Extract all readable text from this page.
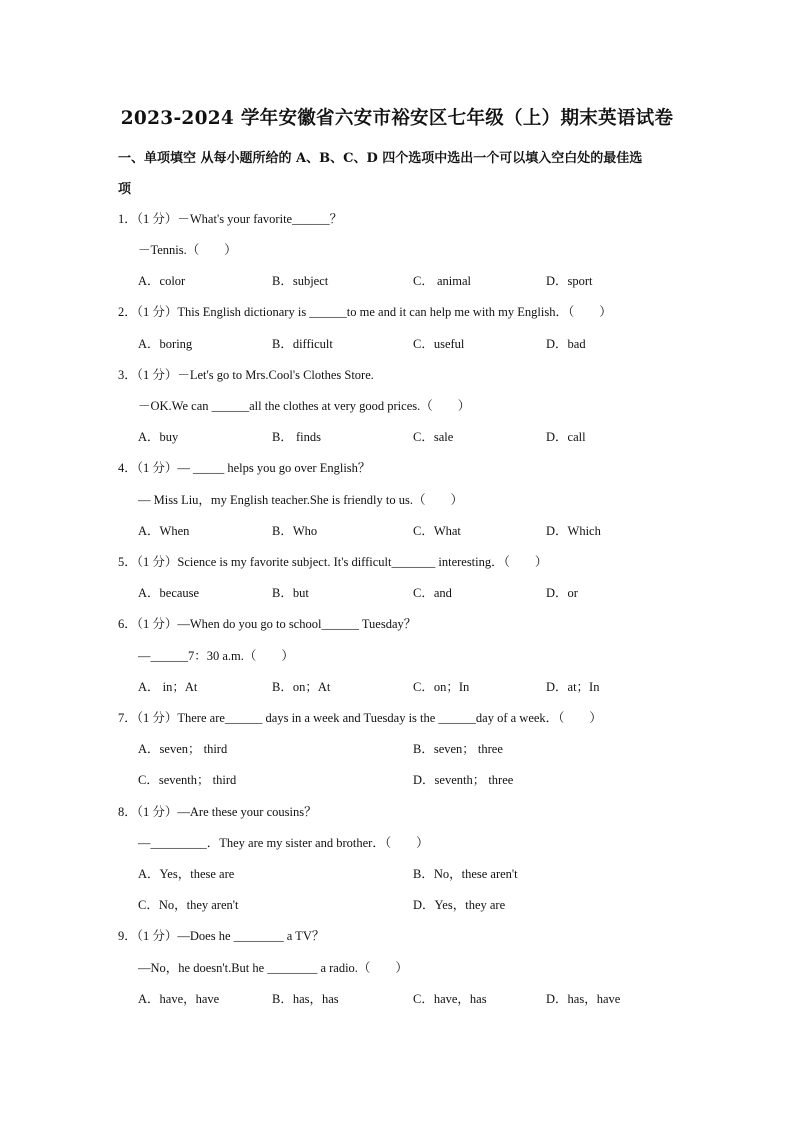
2023-2024 学年安徽省六安市裕安区七年级（上）期末英语试卷
一、单项填空 从每小题所给的 A、B、C、D 四个选项中选出一个可以填入空白处的最佳选
项
1．（1 分）－What's your favorite______？
－Tennis.（　　）
A．color	B．subject	C． animal	D．sport
2．（1 分）This English dictionary is ______to me and it can help me with my English．（　　）
A．boring	B．difficult	C．useful	D．bad
3．（1 分）－Let's go to Mrs.Cool's Clothes Store.
－OK.We can ______all the clothes at very good prices.（　　）
A．buy	B． finds	C．sale	D．call
4．（1 分）— _____ helps you go over English？
— Miss Liu，my English teacher.She is friendly to us.（　　）
A．When	B．Who	C．What	D．Which
5．（1 分）Science is my favorite subject. It's difficult_______ interesting．（　　）
A．because	B．but	C．and	D．or
6．（1 分）—When do you go to school______ Tuesday？
—______7：30 a.m.（　　）
A． in；At	B．on；At	C．on；In	D．at；In
7．（1 分）There are______ days in a week and Tuesday is the ______day of a week．（　　）
A．seven； third	B．seven； three
C．seventh； third	D．seventh； three
8．（1 分）—Are these your cousins？
—_________．They are my sister and brother．（　　）
A．Yes，these are	B．No，these aren't
C．No，they aren't	D．Yes，they are
9．（1 分）—Does he ________ a TV？
—No，he doesn't.But he ________ a radio.（　　）
A．have，have	B．has，has	C．have，has	D．has，have
